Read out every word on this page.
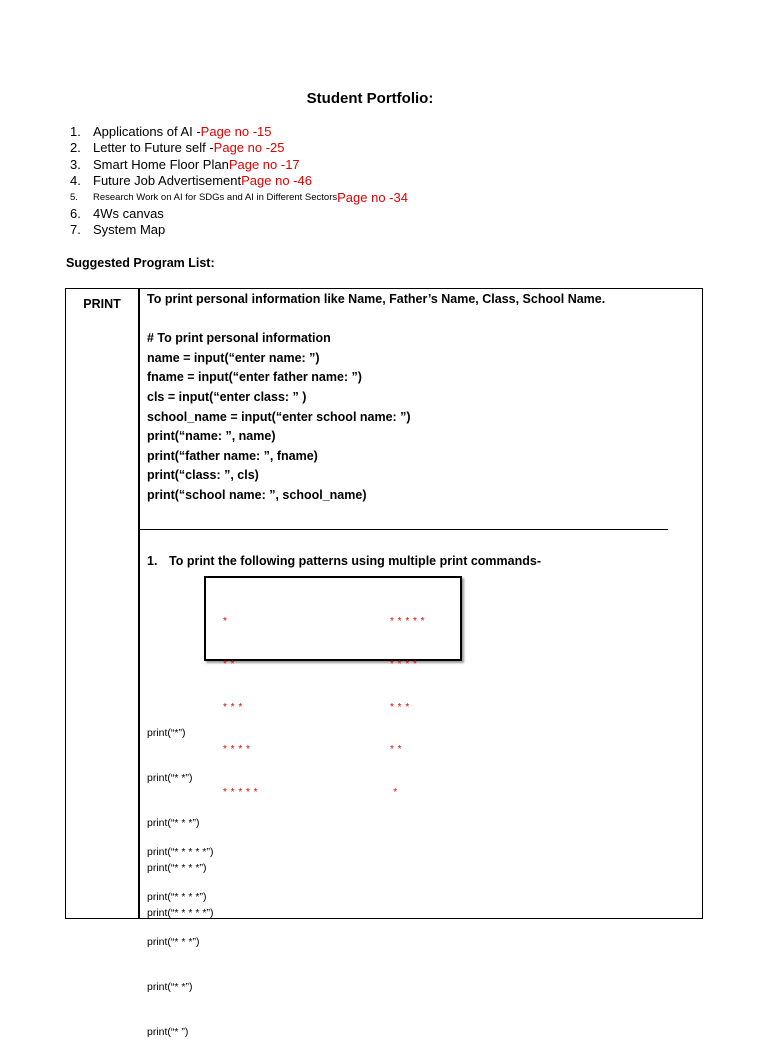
Student Portfolio:
1. Applications of AI - Page no -15
2. Letter to Future self - Page no -25
3. Smart Home Floor Plan Page no -17
4. Future Job Advertisement Page no -46
5.	Research Work on AI for SDGs and AI in Different Sectors Page no -34
6. 4Ws canvas
7. System Map
Suggested Program List:
PRINT	To print personal information like Name, Father’s Name, Class, School Name.
# To print personal information
name = input(“enter name: ”)
fname = input(“enter father name: ”)
cls = input(“enter class: ” )
school_name = input(“enter school name: ”)
print(“name: ”, name)
print(“father name: ”, fname)
print(“class: ”, cls)
print(“school name: ”, school_name)
1. To print the following patterns using multiple print commands-

*

* *

* * *

* * * *

* * * * *

* * * * *

* * * *

* * *

* *

*

print(“*”)

print(“* *”)

print(“* * *”)

print(“* * * *”)

print(“* * * * *”)

print(“* * * * *”)

print(“* * * *”)

print(“* * *”)

print(“* *”)

print(“* ”)
